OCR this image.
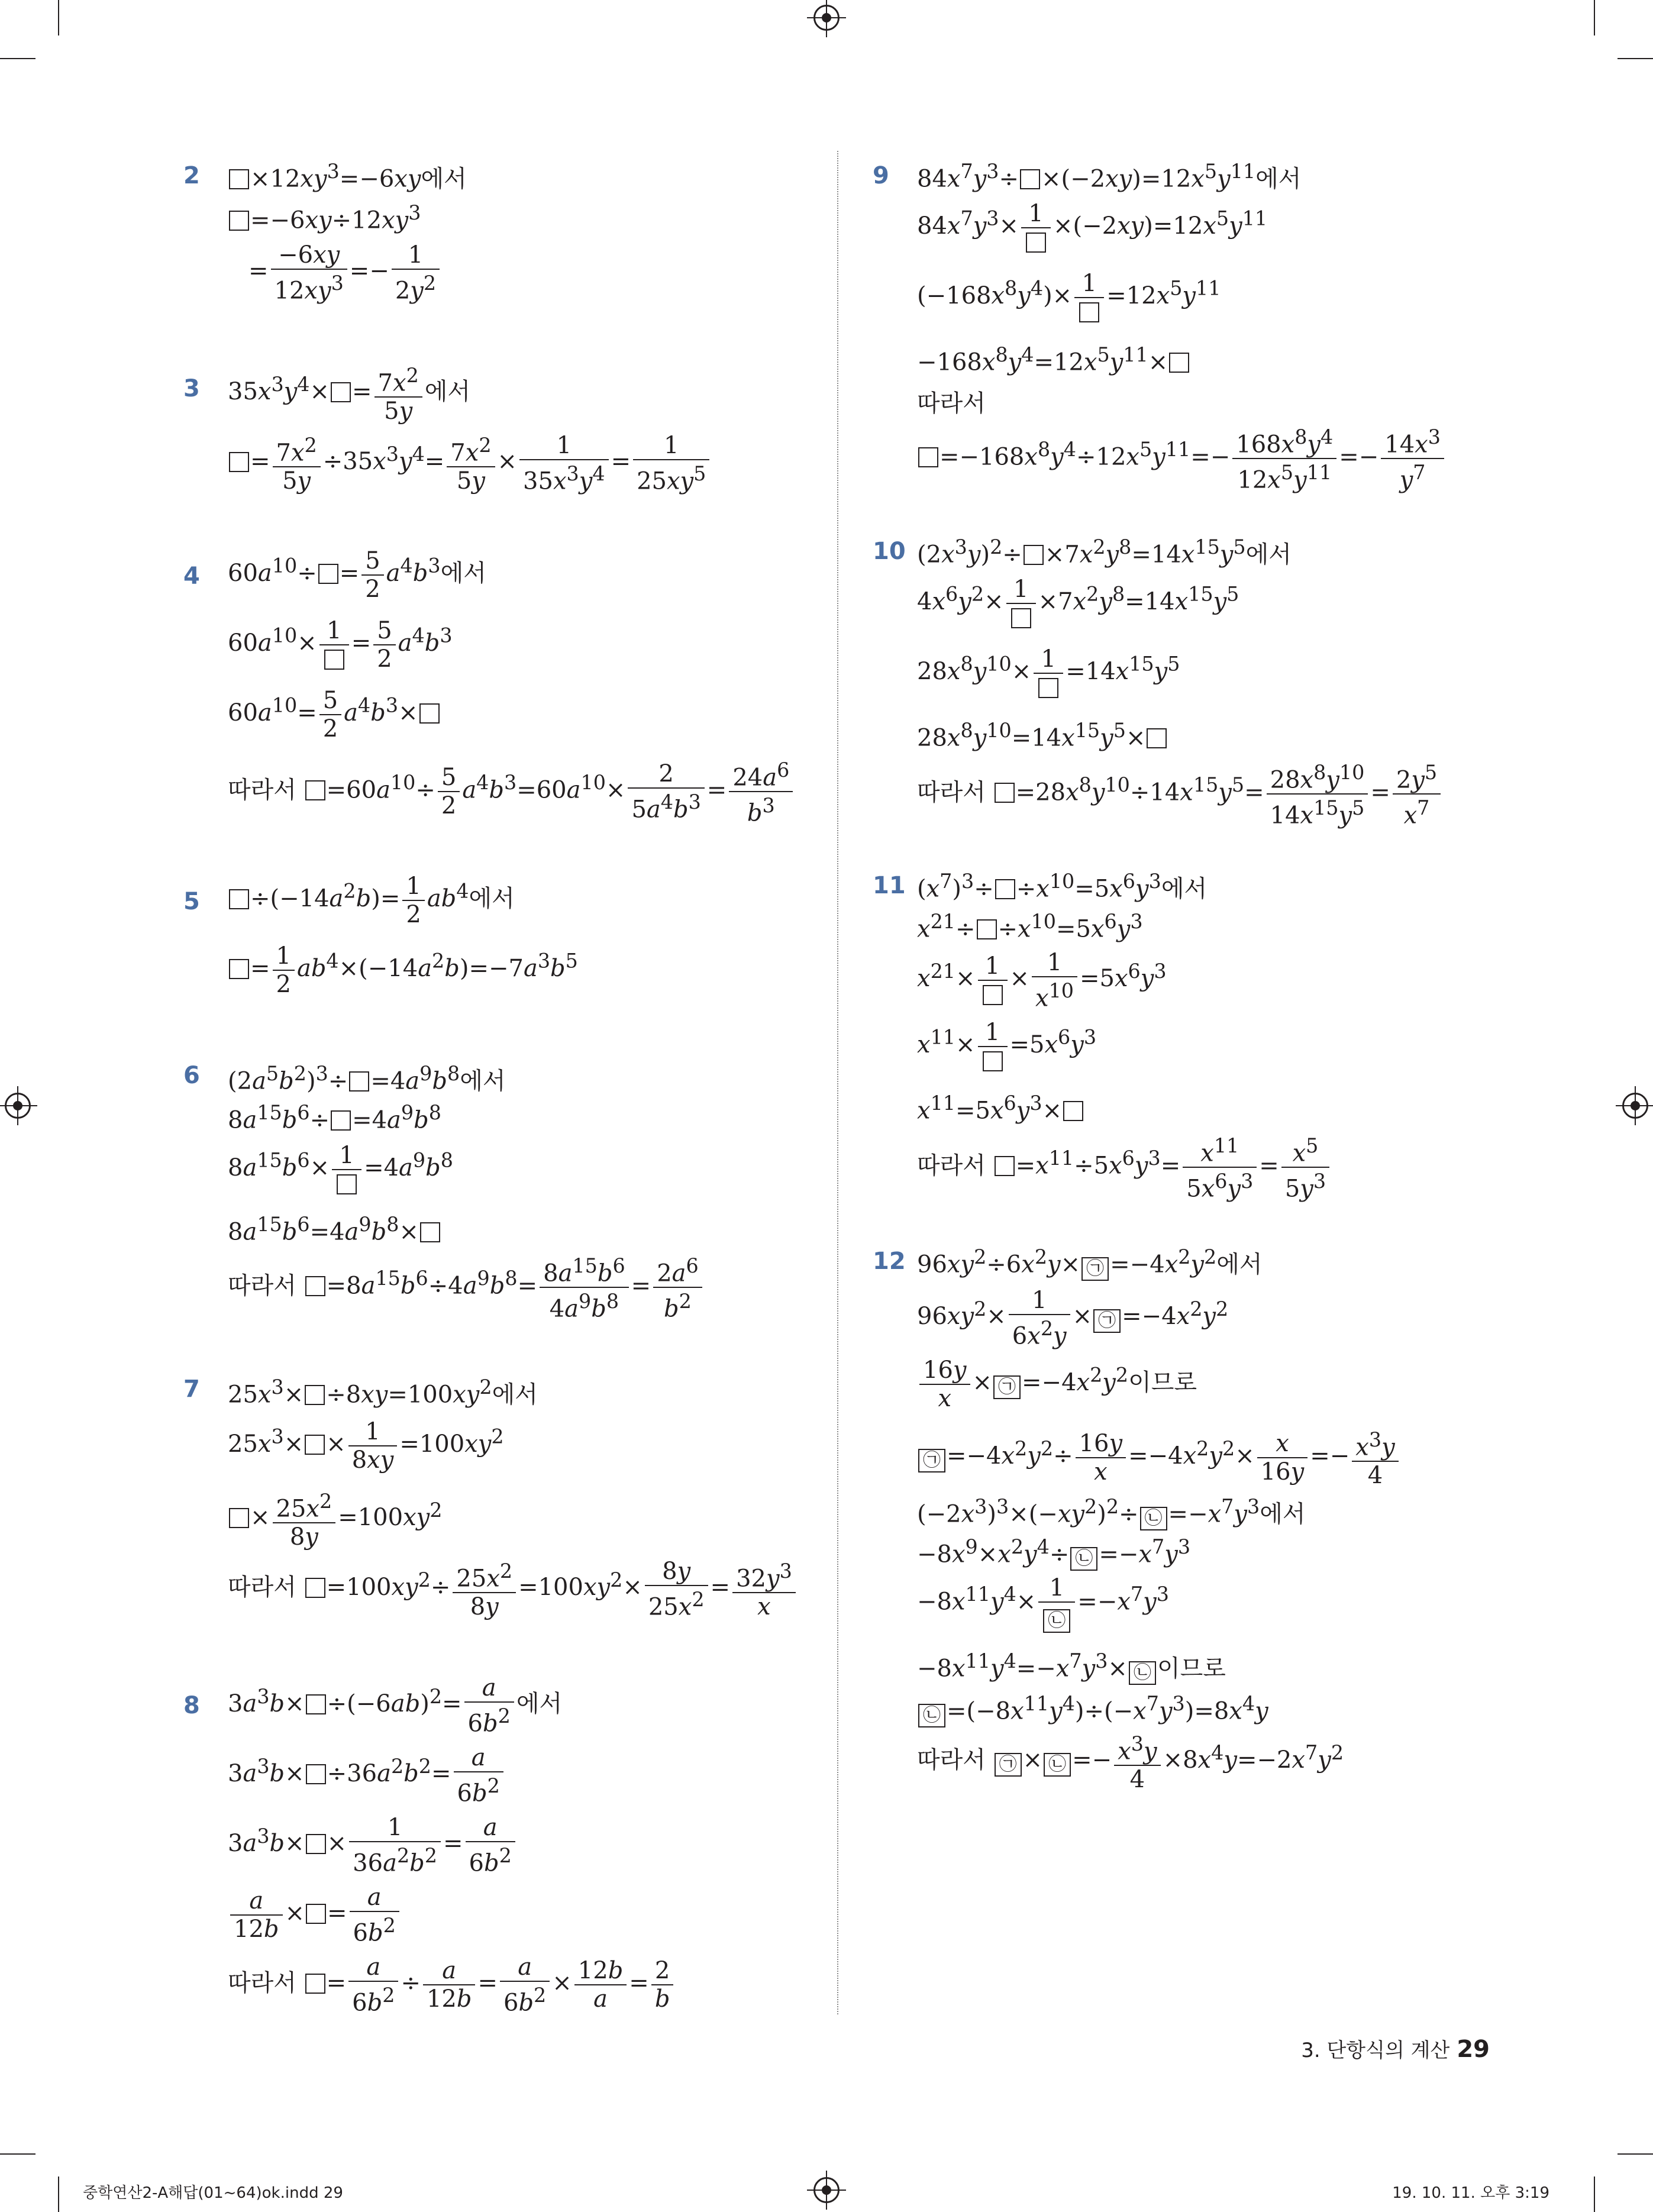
2	$\times 12xy^3=-6xy$에서
$=-6xy\div 12xy^3$
= $\frac{-6xy}{12xy^3} =- \frac{1}{2y^2}$
3 $35x^3y^4\times = \frac{7x^2}{5y}$ 에서
= $\frac{7x^2}{5y} \div 35x^3y^4= \frac{7x^2}{5y} \times \frac{1}{35x^3y^4} = \frac{1}{25xy^5}$
4 $60a^{10}\div = \frac{5}{2} a^4b^3$에서
$60a^{10}\times 1 = \frac{5}{2} a^4b^3$
$60a^{10}= \frac{5}{2} a^4b^3\times$
따라서 $=60a^{10}\div \frac{5}{2} a^4b^3=60a^{10}\times \frac{2}{5a^4b^3} = \frac{24a^6}{b^3}$
5	$\div(-14a^2b)= \frac{1}{2} ab^4$에서
= $\frac{1}{2} ab^4\times(-14a^2b)=-7a^3b^5$
6 $(2a^5b^2)^3\div =4a^9b^8$에서
$8a^{15}b^6\div =4a^9b^8$
$8a^{15}b^6\times 1 =4a^9b^8$
$8a^{15}b^6=4a^9b^8\times$
따라서 $=8a^{15}b^6\div 4a^9b^8= \frac{8a^{15}b^6}{4a^9b^8} = \frac{2a^6}{b^2}$
7 $25x^3\times \div 8xy=100xy^2$에서
$25x^3\times \times \frac{1}{8xy} =100xy^2$
× $\frac{25x^2}{8y} =100xy^2$
따라서 $=100xy^2\div \frac{25x^2}{8y} =100xy^2\times \frac{8y}{25x^2} = \frac{32y^3}{x}$
8 $3a^3b\times \div(-6ab)^2= \frac{a}{6b^2}$ 에서
$3a^3b\times \div 36a^2b^2= \frac{a}{6b^2}$
$3a^3b\times \times \frac{1}{36a^2b^2} = \frac{a}{6b^2}$
$\frac{a}{12b}$ × = $\frac{a}{6b^2}$
따라서 = $\frac{a}{6b^2} \div \frac{a}{12b} = \frac{a}{6b^2} \times \frac{12b}{a} = \frac{2}{b}$
9 $84x^7y^3\div \times(-2xy)=12x^5y^{11}$에서
$84x^7y^3\times 1 \times(-2xy)=12x^5y^{11}$
$(-168x^8y^4)\times 1 =12x^5y^{11}$
$-168x^8y^4=12x^5y^{11}\times$
따라서
$=-168x^8y^4\div 12x^5y^{11}=- \frac{168x^8y^4}{12x^5y^{11}} =- \frac{14x^3}{y^7}$
10 $(2x^3y)^2\div \times 7x^2y^8=14x^{15}y^5$에서
$4x^6y^2\times 1 \times 7x^2y^8=14x^{15}y^5$
$28x^8y^{10}\times 1 =14x^{15}y^5$
$28x^8y^{10}=14x^{15}y^5\times$
따라서 $=28x^8y^{10}\div 14x^{15}y^5= \frac{28x^8y^{10}}{14x^{15}y^5} = \frac{2y^5}{x^7}$
11 $(x^7)^3\div \div x^{10}=5x^6y^3$에서
$x^{21}\div \div x^{10}=5x^6y^3$
$x^{21}\times 1 \times \frac{1}{x^{10}} =5x^6y^3$
$x^{11}\times 1 =5x^6y^3$
$x^{11}=5x^6y^3\times$
따라서 $=x^{11}\div 5x^6y^3= \frac{x^{11}}{5x^6y^3} = \frac{x^5}{5y^3}$
12 $96xy^2\div 6x^2y\times$ ㉠ $=-4x^2y^2$에서
$96xy^2\times \frac{1}{6x^2y}$ × ㉠ $=-4x^2y^2$
$\frac{16y}{x}$ × ㉠ $=-4x^2y^2$이므로
㉠ $=-4x^2y^2\div \frac{16y}{x} =-4x^2y^2\times \frac{x}{16y} =- \frac{x^3y}{4}$
$(-2x^3)^3\times(-xy^2)^2\div$ ㉡ $=-x^7y^3$에서
$-8x^9\times x^2y^4\div$ ㉡ $=-x^7y^3$
$-8x^{11}y^4\times \frac{1}{㉡} =-x^7y^3$
$-8x^{11}y^4=-x^7y^3\times$ ㉡ 이므로
㉡ $=(-8x^{11}y^4)\div(-x^7y^3)=8x^4y$
따라서 ㉠ × ㉡ =− $\frac{x^3y}{4} \times 8x^4y=-2x^7y^2$
3. 단항식의 계산 29
중학연산2-A해답(01~64)ok.indd 29	19. 10. 11. 오후 3:19
